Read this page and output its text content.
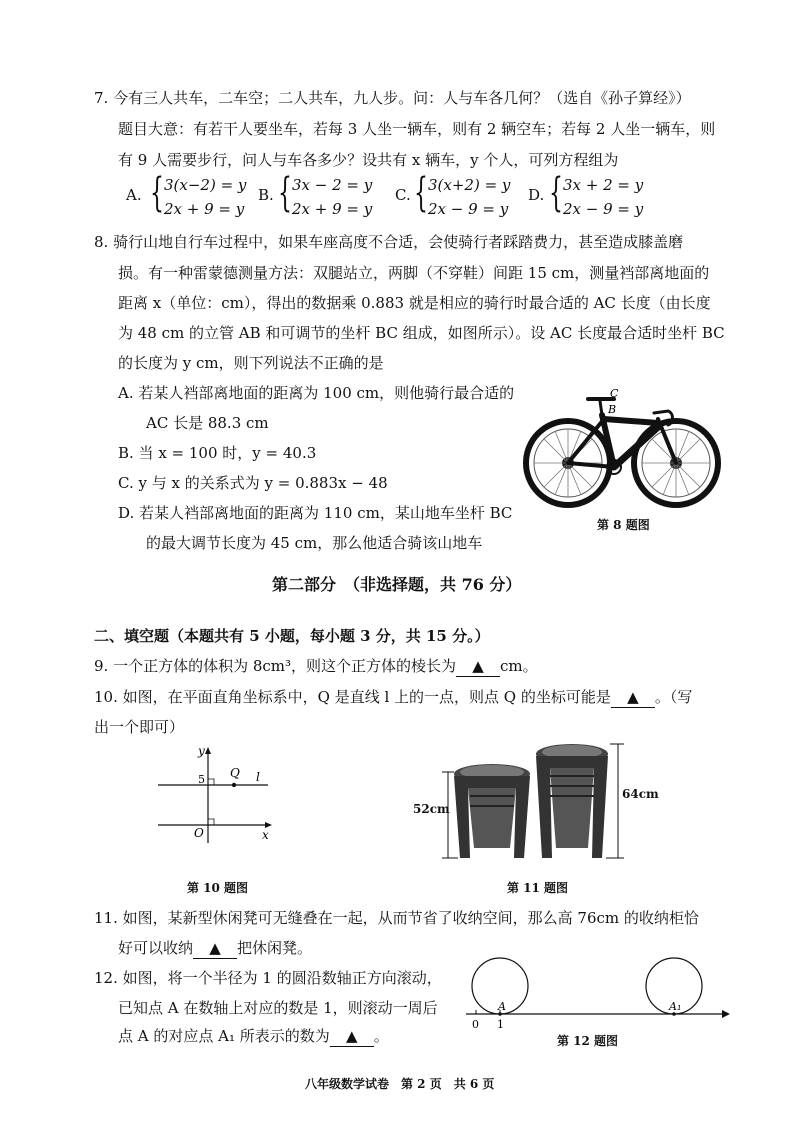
7. 今有三人共车，二车空；二人共车，九人步。问：人与车各几何？（选自《孙子算经》）
题目大意：有若干人要坐车，若每 3 人坐一辆车，则有 2 辆空车；若每 2 人坐一辆车，则
有 9 人需要步行，问人与车各多少？设共有 x 辆车，y 个人，可列方程组为
A. { 3(x−2) = y
2x + 9 = y
B. { 3x − 2 = y
2x + 9 = y
C. { 3(x+2) = y
2x − 9 = y
D. { 3x + 2 = y
2x − 9 = y
8. 骑行山地自行车过程中，如果车座高度不合适，会使骑行者踩踏费力，甚至造成膝盖磨
损。有一种雷蒙德测量方法：双腿站立，两脚（不穿鞋）间距 15 cm，测量裆部离地面的
距离 x（单位：cm），得出的数据乘 0.883 就是相应的骑行时最合适的 AC 长度（由长度
为 48 cm 的立管 AB 和可调节的坐杆 BC 组成，如图所示）。设 AC 长度最合适时坐杆 BC
的长度为 y cm，则下列说法不正确的是
A. 若某人裆部离地面的距离为 100 cm，则他骑行最合适的
AC 长是 88.3 cm
B. 当 x = 100 时，y = 40.3
C. y 与 x 的关系式为 y = 0.883x − 48
D. 若某人裆部离地面的距离为 110 cm，某山地车坐杆 BC
的最大调节长度为 45 cm，那么他适合骑该山地车
C
B
第 8 题图
第二部分　（非选择题，共 76 分）
二、填空题（本题共有 5 小题，每小题 3 分，共 15 分。）
9. 一个正方体的体积为 8cm³，则这个正方体的棱长为 ▲ cm。
10. 如图，在平面直角坐标系中，Q 是直线 l 上的一点，则点 Q 的坐标可能是 ▲ 。（写
出一个即可）
y
x
O
5 Q l
第 10 题图
52cm
64cm
第 11 题图
11. 如图，某新型休闲凳可无缝叠在一起，从而节省了收纳空间，那么高 76cm 的收纳柜恰
好可以收纳 ▲ 把休闲凳。
12. 如图，将一个半径为 1 的圆沿数轴正方向滚动，
已知点 A 在数轴上对应的数是 1，则滚动一周后
点 A 的对应点 A₁ 所表示的数为 ▲ 。
0 1
A	A₁
第 12 题图
八年级数学试卷　第 2 页　共 6 页
